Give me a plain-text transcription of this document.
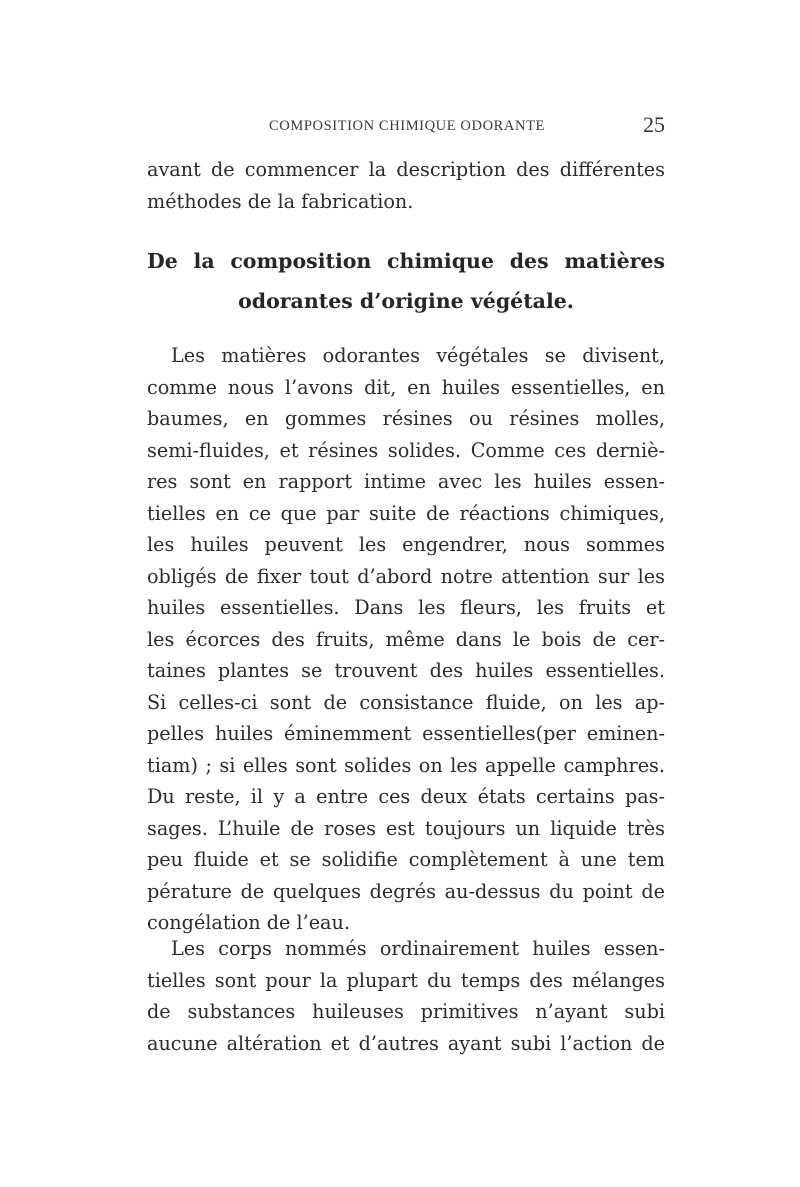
COMPOSITION CHIMIQUE ODORANTE	25
avant de commencer la description des différentes
méthodes de la fabrication.
De la composition chimique des matières
odorantes d’origine végétale.
Les matières odorantes végétales se divisent,
comme nous l’avons dit, en huiles essentielles, en
baumes, en gommes résines ou résines molles,
semi-fluides, et résines solides. Comme ces derniè-
res sont en rapport intime avec les huiles essen-
tielles en ce que par suite de réactions chimiques,
les huiles peuvent les engendrer, nous sommes
obligés de fixer tout d’abord notre attention sur les
huiles essentielles. Dans les fleurs, les fruits et
les écorces des fruits, même dans le bois de cer-
taines plantes se trouvent des huiles essentielles.
Si celles-ci sont de consistance fluide, on les ap-
pelles huiles éminemment essentielles(per eminen-
tiam) ; si elles sont solides on les appelle camphres.
Du reste, il y a entre ces deux états certains pas-
sages. L’huile de roses est toujours un liquide très
peu fluide et se solidifie complètement à une tem
pérature de quelques degrés au-dessus du point de
congélation de l’eau.
Les corps nommés ordinairement huiles essen-
tielles sont pour la plupart du temps des mélanges
de substances huileuses primitives n’ayant subi
aucune altération et d’autres ayant subi l’action de
